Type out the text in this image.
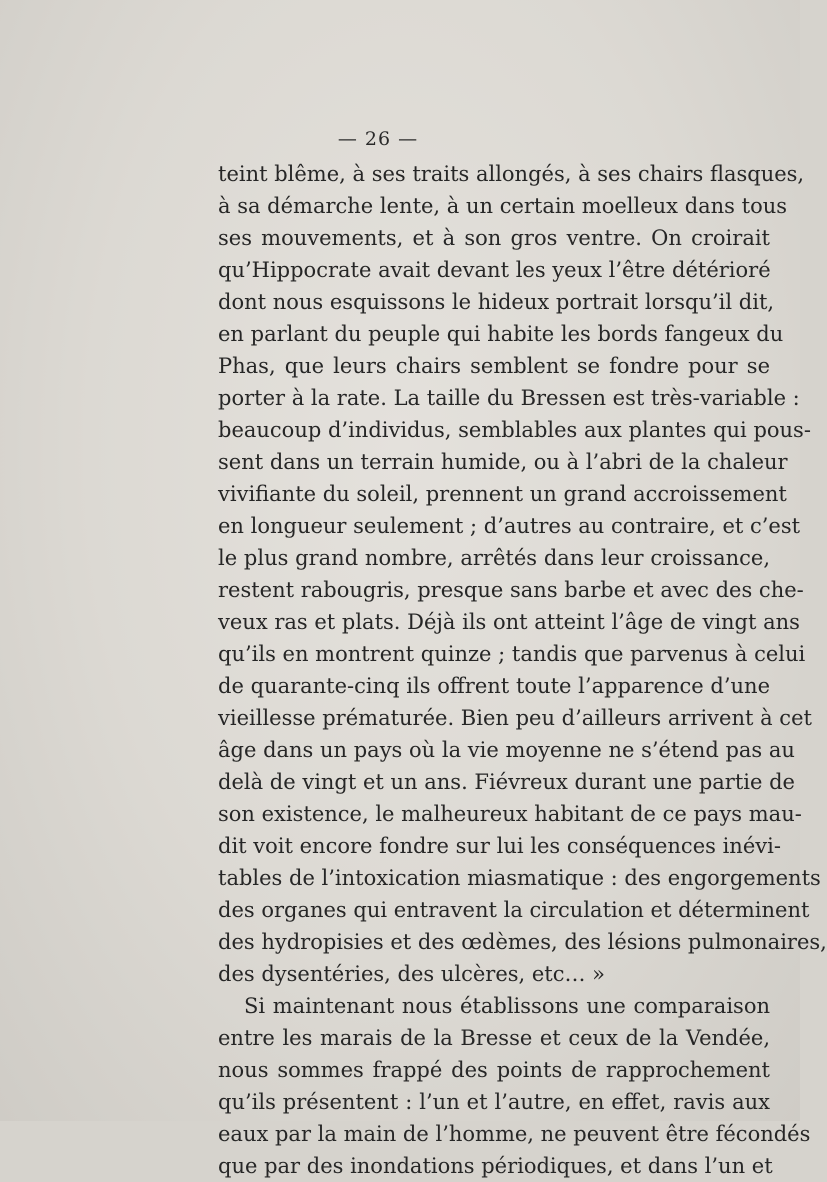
— 26 —
teint blême, à ses traits allongés, à ses chairs flasques,
à sa démarche lente, à un certain moelleux dans tous
ses mouvements, et à son gros ventre. On croirait
qu’Hippocrate avait devant les yeux l’être détérioré
dont nous esquissons le hideux portrait lorsqu’il dit,
en parlant du peuple qui habite les bords fangeux du
Phas, que leurs chairs semblent se fondre pour se
porter à la rate. La taille du Bressen est très-variable :
beaucoup d’individus, semblables aux plantes qui pous-
sent dans un terrain humide, ou à l’abri de la chaleur
vivifiante du soleil, prennent un grand accroissement
en longueur seulement ; d’autres au contraire, et c’est
le plus grand nombre, arrêtés dans leur croissance,
restent rabougris, presque sans barbe et avec des che-
veux ras et plats. Déjà ils ont atteint l’âge de vingt ans
qu’ils en montrent quinze ; tandis que parvenus à celui
de quarante-cinq ils offrent toute l’apparence d’une
vieillesse prématurée. Bien peu d’ailleurs arrivent à cet
âge dans un pays où la vie moyenne ne s’étend pas au
delà de vingt et un ans. Fiévreux durant une partie de
son existence, le malheureux habitant de ce pays mau-
dit voit encore fondre sur lui les conséquences inévi-
tables de l’intoxication miasmatique : des engorgements
des organes qui entravent la circulation et déterminent
des hydropisies et des œdèmes, des lésions pulmonaires,
des dysentéries, des ulcères, etc… »
Si maintenant nous établissons une comparaison
entre les marais de la Bresse et ceux de la Vendée,
nous sommes frappé des points de rapprochement
qu’ils présentent : l’un et l’autre, en effet, ravis aux
eaux par la main de l’homme, ne peuvent être fécondés
que par des inondations périodiques, et dans l’un et
